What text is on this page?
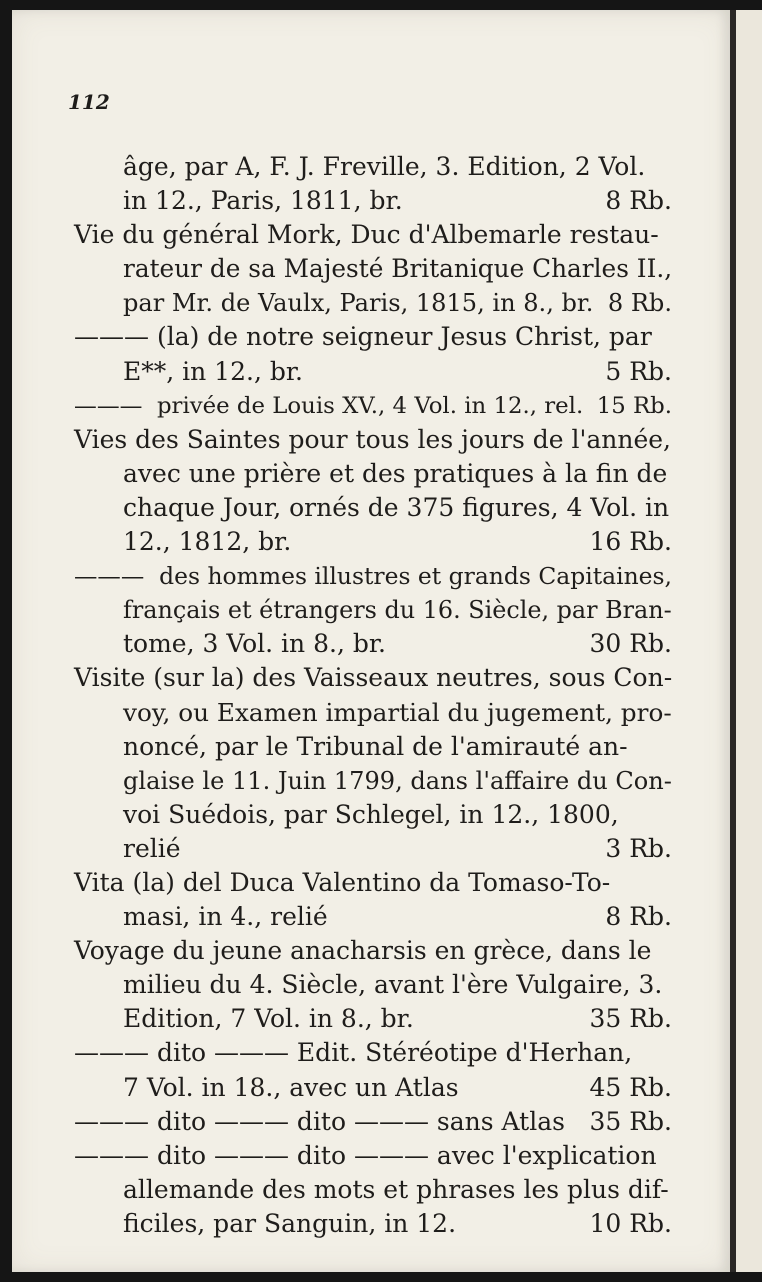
112
âge, par A, F. J. Freville, 3. Edition, 2 Vol.
in 12., Paris, 1811, br.	8 Rb.
Vie du général Mork, Duc d'Albemarle restau-
rateur de sa Majesté Britanique Charles II.,
par Mr. de Vaulx, Paris, 1815, in 8., br. 8 Rb.
——— (la) de notre seigneur Jesus Christ, par
E**, in 12., br.	5 Rb.
———  privée de Louis XV., 4 Vol. in 12., rel. 15 Rb.
Vies des Saintes pour tous les jours de l'année,
avec une prière et des pratiques à la fin de
chaque Jour, ornés de 375 figures, 4 Vol. in
12., 1812, br.	16 Rb.
———  des hommes illustres et grands Capitaines,
français et étrangers du 16. Siècle, par Bran-
tome, 3 Vol. in 8., br.	30 Rb.
Visite (sur la) des Vaisseaux neutres, sous Con-
voy, ou Examen impartial du jugement, pro-
noncé, par le Tribunal de l'amirauté an-
glaise le 11. Juin 1799, dans l'affaire du Con-
voi Suédois, par Schlegel, in 12., 1800,
relié	3 Rb.
Vita (la) del Duca Valentino da Tomaso-To-
masi, in 4., relié	8 Rb.
Voyage du jeune anacharsis en grèce, dans le
milieu du 4. Siècle, avant l'ère Vulgaire, 3.
Edition, 7 Vol. in 8., br.	35 Rb.
——— dito ——— Edit. Stéréotipe d'Herhan,
7 Vol. in 18., avec un Atlas	45 Rb.
——— dito ——— dito ——— sans Atlas 35 Rb.
——— dito ——— dito ——— avec l'explication
allemande des mots et phrases les plus dif-
ficiles, par Sanguin, in 12.	10 Rb.
